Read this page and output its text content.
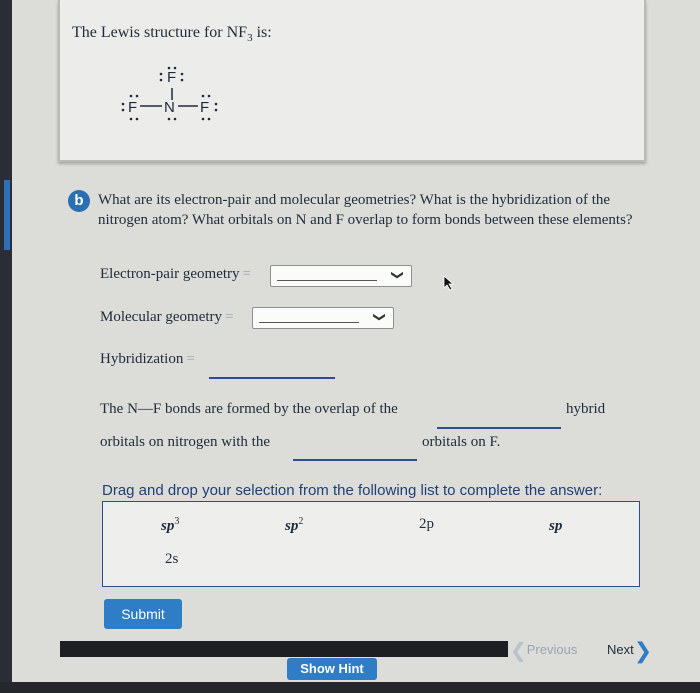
The Lewis structure for $NF_3$ is:
F
F N F
b What are its electron-pair and molecular geometries? What is the hybridization of the nitrogen atom? What orbitals on N and F overlap to form bonds between these elements?
Electron-pair geometry =	❯
Molecular geometry =	❯
Hybridization =
The N—F bonds are formed by the overlap of the	hybrid
orbitals on nitrogen with the	orbitals on F.
Drag and drop your selection from the following list to complete the answer:
$sp^3$	$sp^2$	2p	sp
2s
Submit
❮Previous Next❯
Show Hint
